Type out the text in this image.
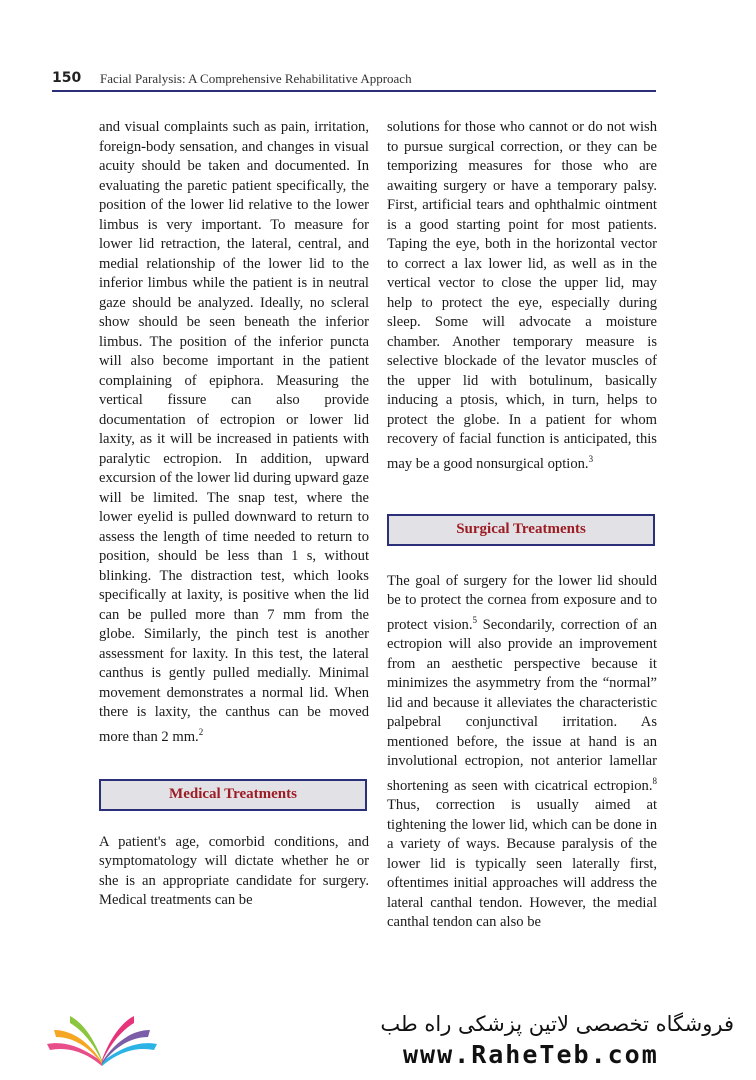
150 Facial Paralysis: A Comprehensive Rehabilitative Approach

and visual complaints such as pain, irritation, foreign-body sensation, and changes in visual acuity should be taken and documented. In evaluating the paretic patient specifically, the position of the lower lid relative to the lower limbus is very important. To measure for lower lid retraction, the lateral, central, and medial relationship of the lower lid to the inferior limbus while the patient is in neutral gaze should be analyzed. Ideally, no scleral show should be seen beneath the inferior limbus. The position of the inferior puncta will also become important in the patient complaining of epiphora. Measuring the vertical fissure can also provide documentation of ectropion or lower lid laxity, as it will be increased in patients with paralytic ectropion. In addition, upward excursion of the lower lid during upward gaze will be limited. The snap test, where the lower eyelid is pulled downward to return to assess the length of time needed to return to position, should be less than 1 s, without blinking. The distraction test, which looks specifically at laxity, is positive when the lid can be pulled more than 7 mm from the globe. Similarly, the pinch test is another assessment for laxity. In this test, the lateral canthus is gently pulled medially. Minimal movement demonstrates a normal lid. When there is laxity, the canthus can be moved more than 2 mm.$^2$

Medical Treatments

A patient's age, comorbid conditions, and symptomatology will dictate whether he or she is an appropriate candidate for surgery. Medical treatments can be

solutions for those who cannot or do not wish to pursue surgical correction, or they can be temporizing measures for those who are awaiting surgery or have a temporary palsy. First, artificial tears and ophthalmic ointment is a good starting point for most patients. Taping the eye, both in the horizontal vector to correct a lax lower lid, as well as in the vertical vector to close the upper lid, may help to protect the eye, especially during sleep. Some will advocate a moisture chamber. Another temporary measure is selective blockade of the levator muscles of the upper lid with botulinum, basically inducing a ptosis, which, in turn, helps to protect the globe. In a patient for whom recovery of facial function is anticipated, this may be a good nonsurgical option.$^3$

Surgical Treatments

The goal of surgery for the lower lid should be to protect the cornea from exposure and to protect vision.$^5$ Secondarily, correction of an ectropion will also provide an improvement from an aesthetic perspective because it minimizes the asymmetry from the “normal” lid and because it alleviates the characteristic palpebral conjunctival irritation. As mentioned before, the issue at hand is an involutional ectropion, not anterior lamellar shortening as seen with cicatrical ectropion.$^8$ Thus, correction is usually aimed at tightening the lower lid, which can be done in a variety of ways. Because paralysis of the lower lid is typically seen laterally first, oftentimes initial approaches will address the lateral canthal tendon. However, the medial canthal tendon can also be

فروشگاه تخصصی لاتین پزشکی راه طب
www.RaheTeb.com
